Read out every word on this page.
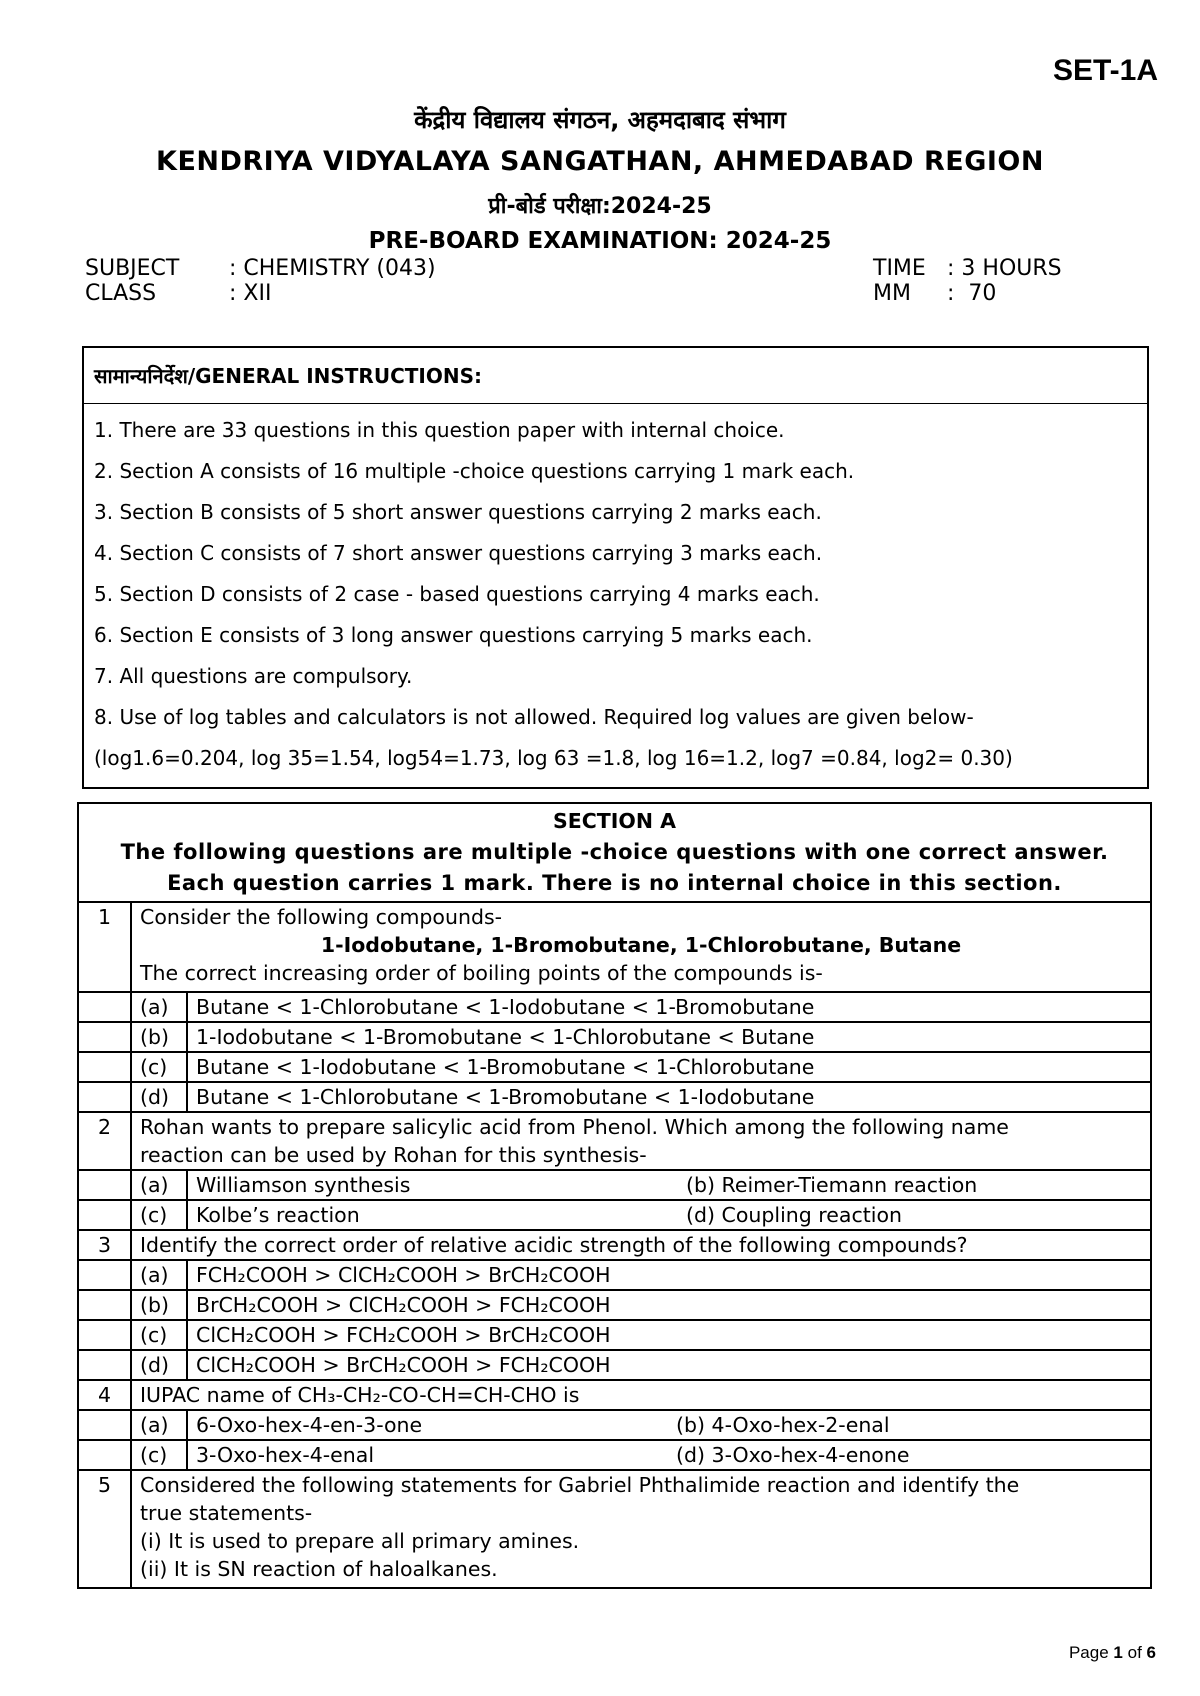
SET-1A
केंद्रीय विद्यालय संगठन, अहमदाबाद संभाग
KENDRIYA VIDYALAYA SANGATHAN, AHMEDABAD REGION
प्री-बोर्ड परीक्षा:2024-25
PRE-BOARD EXAMINATION: 2024-25
SUBJECT	: CHEMISTRY (043)
CLASS	: XII
TIME	: 3 HOURS
MM	:  70
सामान्यनिर्देश/GENERAL INSTRUCTIONS:

1. There are 33 questions in this question paper with internal choice.
2. Section A consists of 16 multiple -choice questions carrying 1 mark each.
3. Section B consists of 5 short answer questions carrying 2 marks each.
4. Section C consists of 7 short answer questions carrying 3 marks each.
5. Section D consists of 2 case - based questions carrying 4 marks each.
6. Section E consists of 3 long answer questions carrying 5 marks each.
7. All questions are compulsory.
8. Use of log tables and calculators is not allowed. Required log values are given below-
(log1.6=0.204, log 35=1.54, log54=1.73, log 63 =1.8, log 16=1.2, log7 =0.84, log2= 0.30)
SECTION A
The following questions are multiple -choice questions with one correct answer.
Each question carries 1 mark. There is no internal choice in this section.		

1	Consider the following compounds-
1-Iodobutane, 1-Bromobutane, 1-Chlorobutane, Butane
The correct increasing order of boiling points of the compounds is-	

	(a)	Butane < 1-Chlorobutane < 1-Iodobutane < 1-Bromobutane
	(b)	1-Iodobutane < 1-Bromobutane < 1-Chlorobutane < Butane
	(c)	Butane < 1-Iodobutane < 1-Bromobutane < 1-Chlorobutane
	(d)	Butane < 1-Chlorobutane < 1-Bromobutane < 1-Iodobutane
2	Rohan wants to prepare salicylic acid from Phenol. Which among the following name
reaction can be used by Rohan for this synthesis-	

	(a)	Williamson synthesis (b) Reimer-Tiemann reaction
	(c)	Kolbe’s reaction (d) Coupling reaction
3	Identify the correct order of relative acidic strength of the following compounds?	
	(a)	FCH₂COOH > ClCH₂COOH > BrCH₂COOH
	(b)	BrCH₂COOH > ClCH₂COOH > FCH₂COOH
	(c)	ClCH₂COOH > FCH₂COOH > BrCH₂COOH
	(d)	ClCH₂COOH > BrCH₂COOH > FCH₂COOH
4	IUPAC name of CH₃-CH₂-CO-CH=CH-CHO is	
	(a)	6-Oxo-hex-4-en-3-one (b) 4-Oxo-hex-2-enal
	(c)	3-Oxo-hex-4-enal (d) 3-Oxo-hex-4-enone
5	Considered the following statements for Gabriel Phthalimide reaction and identify the
true statements-
(i) It is used to prepare all primary amines.
(ii) It is SN reaction of haloalkanes.	
Page 1 of 6
